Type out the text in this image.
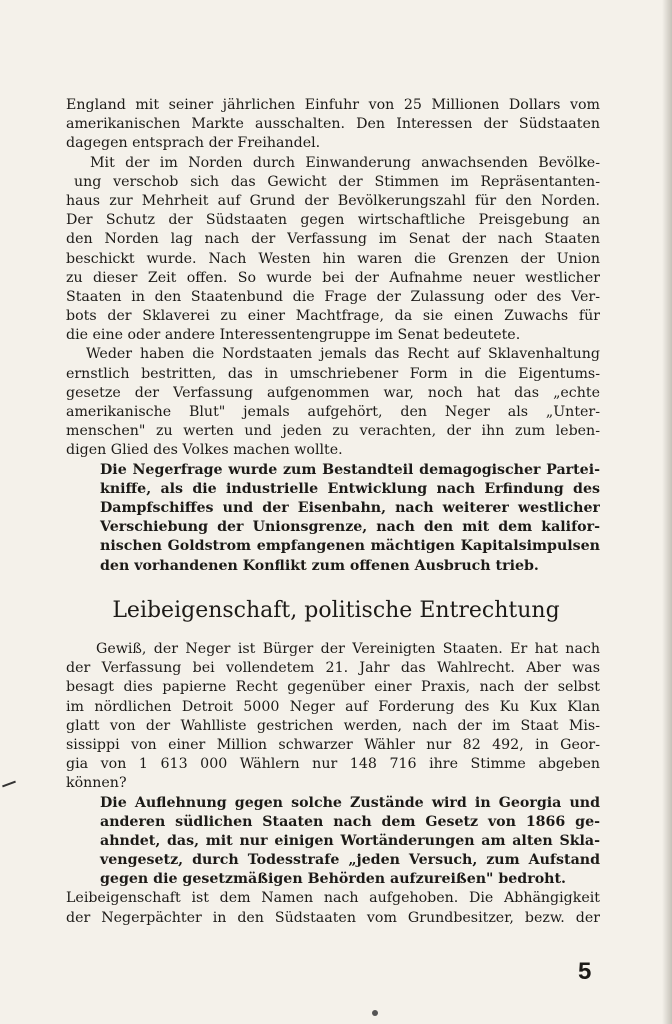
England mit seiner jährlichen Einfuhr von 25 Millionen Dollars vom
amerikanischen Markte ausschalten. Den Interessen der Südstaaten
dagegen entsprach der Freihandel.
Mit der im Norden durch Einwanderung anwachsenden Bevölke-
ung verschob sich das Gewicht der Stimmen im Repräsentanten-
haus zur Mehrheit auf Grund der Bevölkerungszahl für den Norden.
Der Schutz der Südstaaten gegen wirtschaftliche Preisgebung an
den Norden lag nach der Verfassung im Senat der nach Staaten
beschickt wurde. Nach Westen hin waren die Grenzen der Union
zu dieser Zeit offen. So wurde bei der Aufnahme neuer westlicher
Staaten in den Staatenbund die Frage der Zulassung oder des Ver-
bots der Sklaverei zu einer Machtfrage, da sie einen Zuwachs für
die eine oder andere Interessentengruppe im Senat bedeutete.
Weder haben die Nordstaaten jemals das Recht auf Sklavenhaltung
ernstlich bestritten, das in umschriebener Form in die Eigentums-
gesetze der Verfassung aufgenommen war, noch hat das „echte
amerikanische Blut" jemals aufgehört, den Neger als „Unter-
menschen" zu werten und jeden zu verachten, der ihn zum leben-
digen Glied des Volkes machen wollte.
Die Negerfrage wurde zum Bestandteil demagogischer Partei-
kniffe, als die industrielle Entwicklung nach Erfindung des
Dampfschiffes und der Eisenbahn, nach weiterer westlicher
Verschiebung der Unionsgrenze, nach den mit dem kalifor-
nischen Goldstrom empfangenen mächtigen Kapitalsimpulsen
den vorhandenen Konflikt zum offenen Ausbruch trieb.
Leibeigenschaft, politische Entrechtung
Gewiß, der Neger ist Bürger der Vereinigten Staaten. Er hat nach
der Verfassung bei vollendetem 21. Jahr das Wahlrecht. Aber was
besagt dies papierne Recht gegenüber einer Praxis, nach der selbst
im nördlichen Detroit 5000 Neger auf Forderung des Ku Kux Klan
glatt von der Wahlliste gestrichen werden, nach der im Staat Mis-
sissippi von einer Million schwarzer Wähler nur 82 492, in Geor-
gia von 1 613 000 Wählern nur 148 716 ihre Stimme abgeben
können?
Die Auflehnung gegen solche Zustände wird in Georgia und
anderen südlichen Staaten nach dem Gesetz von 1866 ge-
ahndet, das, mit nur einigen Wortänderungen am alten Skla-
vengesetz, durch Todesstrafe „jeden Versuch, zum Aufstand
gegen die gesetzmäßigen Behörden aufzureißen" bedroht.
Leibeigenschaft ist dem Namen nach aufgehoben. Die Abhängigkeit
der Negerpächter in den Südstaaten vom Grundbesitzer, bezw. der
5
